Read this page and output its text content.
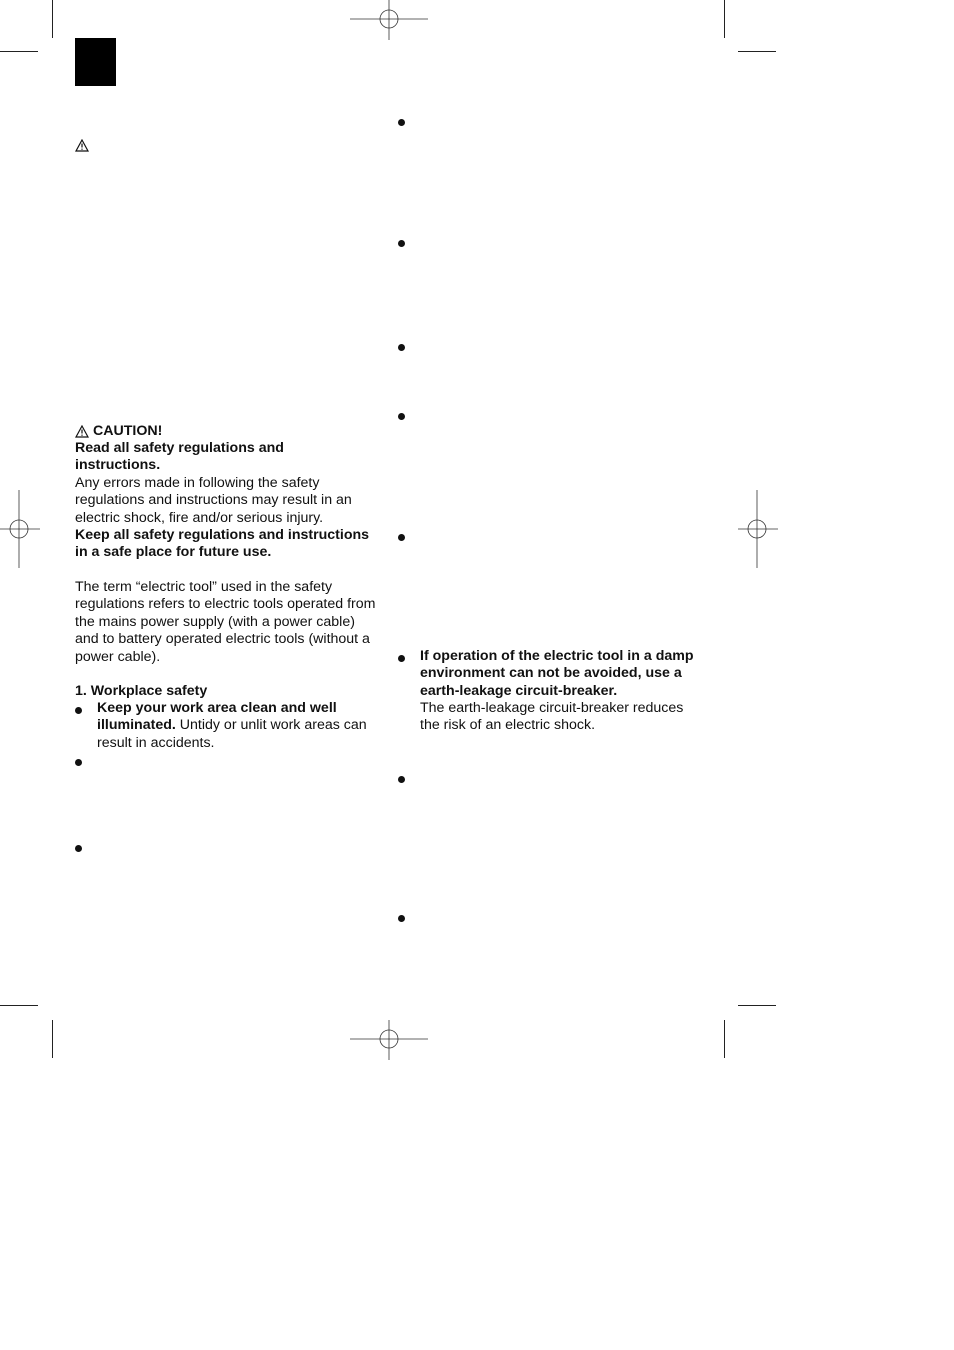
CAUTION!
Read all safety regulations and instructions.
Any errors made in following the safety regulations and instructions may result in an electric shock, fire and/or serious injury.
Keep all safety regulations and instructions in a safe place for future use.
The term “electric tool” used in the safety regulations refers to electric tools operated from the mains power supply (with a power cable) and to battery operated electric tools (without a power cable).
1. Workplace safety
Keep your work area clean and well illuminated. Untidy or unlit work areas can result in accidents.
If operation of the electric tool in a damp environment can not be avoided, use a earth-leakage circuit-breaker.
The earth-leakage circuit-breaker reduces the risk of an electric shock.
